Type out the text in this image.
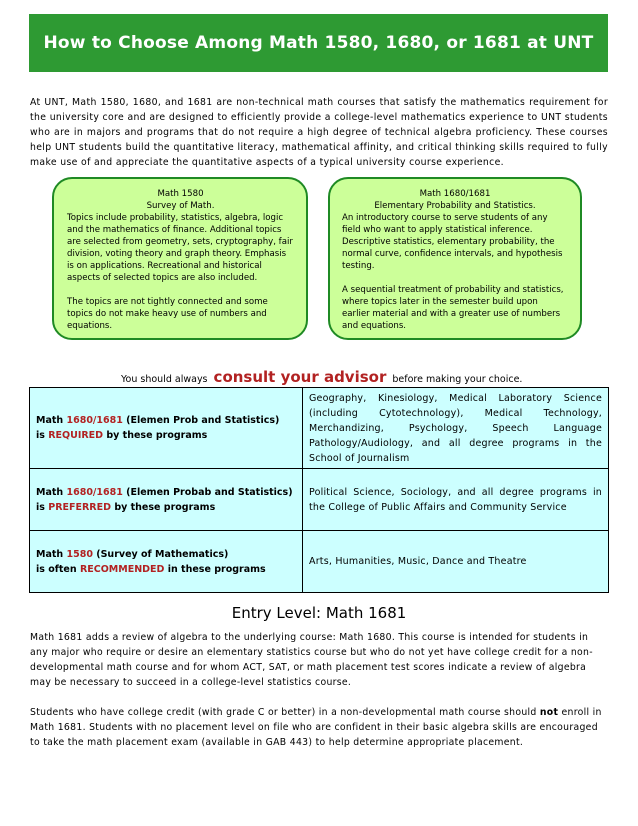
How to Choose Among Math 1580, 1680, or 1681 at UNT
At UNT, Math 1580, 1680, and 1681 are non-technical math courses that satisfy the mathematics requirement for the university core and are designed to efficiently provide a college-level mathematics experience to UNT students who are in majors and programs that do not require a high degree of technical algebra proficiency. These courses help UNT students build the quantitative literacy, mathematical affinity, and critical thinking skills required to fully make use of and appreciate the quantitative aspects of a typical university course experience.
Math 1580
Survey of Math.

Topics include probability, statistics, algebra, logic and the mathematics of finance. Additional topics are selected from geometry, sets, cryptography, fair division, voting theory and graph theory. Emphasis is on applications. Recreational and historical aspects of selected topics are also included.

The topics are not tightly connected and some topics do not make heavy use of numbers and equations.

Math 1680/1681
Elementary Probability and Statistics.

An introductory course to serve students of any field who want to apply statistical inference. Descriptive statistics, elementary probability, the normal curve, confidence intervals, and hypothesis testing.

A sequential treatment of probability and statistics, where topics later in the semester build upon earlier material and with a greater use of numbers and equations.

You should always consult your advisor before making your choice.
Math 1680/1681 (Elemen Prob and Statistics)
is REQUIRED by these programs	Geography, Kinesiology, Medical Laboratory Science (including Cytotechnology), Medical Technology, Merchandizing, Psychology, Speech Language Pathology/Audiology, and all degree programs in the School of Journalism
Math 1680/1681 (Elemen Probab and Statistics)
is PREFERRED by these programs	Political Science, Sociology, and all degree programs in the College of Public Affairs and Community Service
Math 1580 (Survey of Mathematics)
is often RECOMMENDED in these programs	Arts, Humanities, Music, Dance and Theatre
Entry Level: Math 1681

Math 1681 adds a review of algebra to the underlying course: Math 1680. This course is intended for students in any major who require or desire an elementary statistics course but who do not yet have college credit for a non-developmental math course and for whom ACT, SAT, or math placement test scores indicate a review of algebra may be necessary to succeed in a college-level statistics course.

Students who have college credit (with grade C or better) in a non-developmental math course should not enroll in Math 1681. Students with no placement level on file who are confident in their basic algebra skills are encouraged to take the math placement exam (available in GAB 443) to help determine appropriate placement.
